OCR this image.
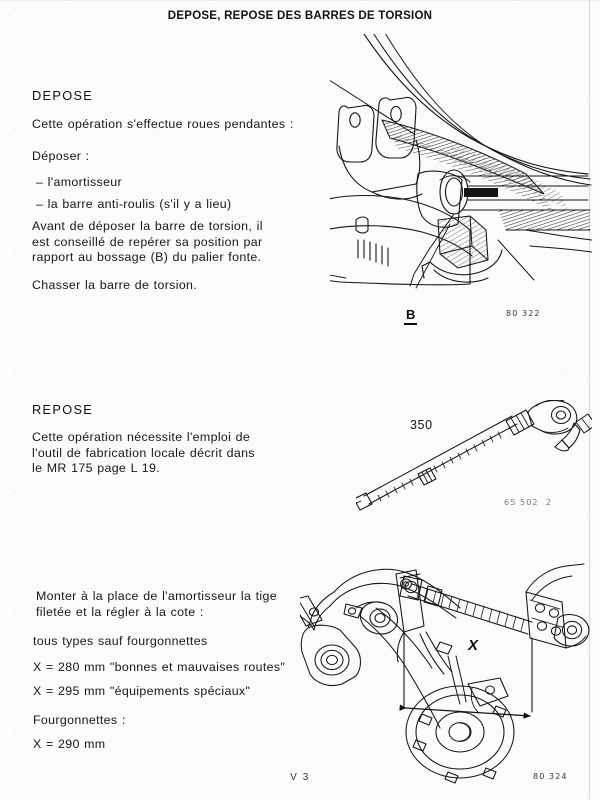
DEPOSE, REPOSE DES BARRES DE TORSION
B	80 322
350
65 502  2
X
80 324
DEPOSE
Cette opération s'effectue roues pendantes :
Déposer :
– l'amortisseur
– la barre anti-roulis (s'il y a lieu)
Avant de déposer la barre de torsion, il
est conseillé de repérer sa position par
rapport au bossage (B) du palier fonte.
Chasser la barre de torsion.
REPOSE
Cette opération nécessite l'emploi de
l'outil de fabrication locale décrit dans
le MR 175 page L 19.
Monter à la place de l'amortisseur la tige
filetée et la régler à la cote :
tous types sauf fourgonnettes
X = 280 mm "bonnes et mauvaises routes"
X = 295 mm "équipements spéciaux"
Fourgonnettes :
X = 290 mm
V 3
